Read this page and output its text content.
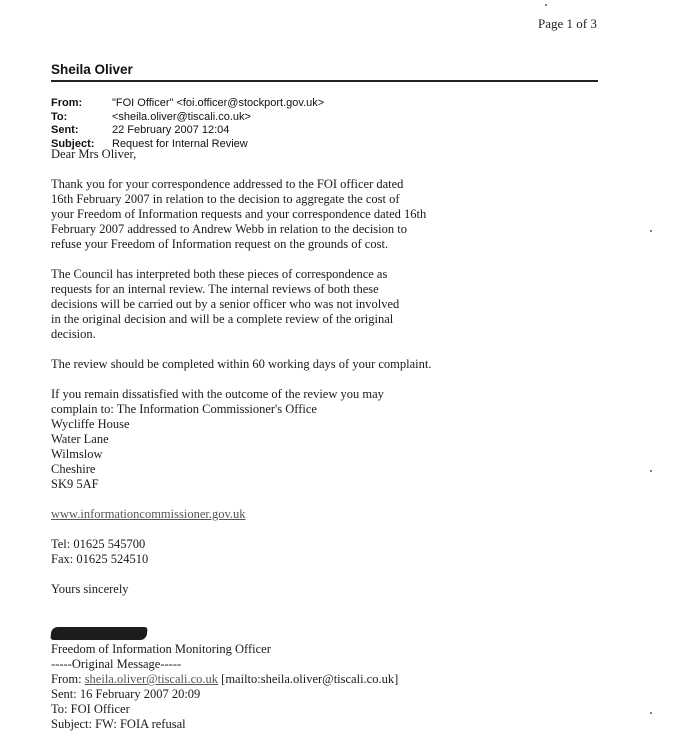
Page 1 of 3
Sheila Oliver
From:	"FOI Officer" <foi.officer@stockport.gov.uk>
To:	<sheila.oliver@tiscali.co.uk>
Sent:	22 February 2007 12:04
Subject:	Request for Internal Review
Dear Mrs Oliver,
Thank you for your correspondence addressed to the FOI officer dated
16th February 2007 in relation to the decision to aggregate the cost of
your Freedom of Information requests and your correspondence dated 16th
February 2007 addressed to Andrew Webb in relation to the decision to
refuse your Freedom of Information request on the grounds of cost.
The Council has interpreted both these pieces of correspondence as
requests for an internal review. The internal reviews of both these
decisions will be carried out by a senior officer who was not involved
in the original decision and will be a complete review of the original
decision.
The review should be completed within 60 working days of your complaint.
If you remain dissatisfied with the outcome of the review you may
complain to: The Information Commissioner's Office
Wycliffe House
Water Lane
Wilmslow
Cheshire
SK9 5AF
www.informationcommissioner.gov.uk
Tel: 01625 545700
Fax: 01625 524510
Yours sincerely
Freedom of Information Monitoring Officer
-----Original Message-----
From: sheila.oliver@tiscali.co.uk [mailto:sheila.oliver@tiscali.co.uk]
Sent: 16 February 2007 20:09
To: FOI Officer
Subject: FW: FOIA refusal
